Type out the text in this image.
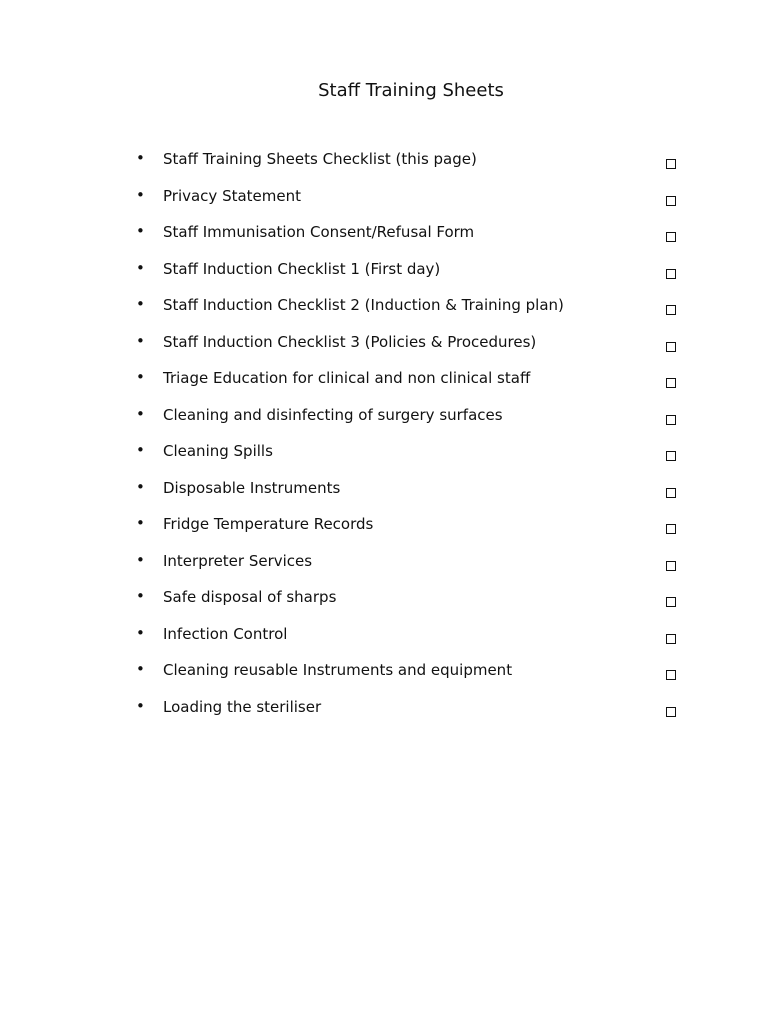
Staff Training Sheets
• Staff Training Sheets Checklist (this page)
• Privacy Statement
• Staff Immunisation Consent/Refusal Form
• Staff Induction Checklist 1 (First day)
• Staff Induction Checklist 2 (Induction & Training plan)
• Staff Induction Checklist 3 (Policies & Procedures)
• Triage Education for clinical and non clinical staff
• Cleaning and disinfecting of surgery surfaces
• Cleaning Spills
• Disposable Instruments
• Fridge Temperature Records
• Interpreter Services
• Safe disposal of sharps
• Infection Control
• Cleaning reusable Instruments and equipment
• Loading the steriliser
